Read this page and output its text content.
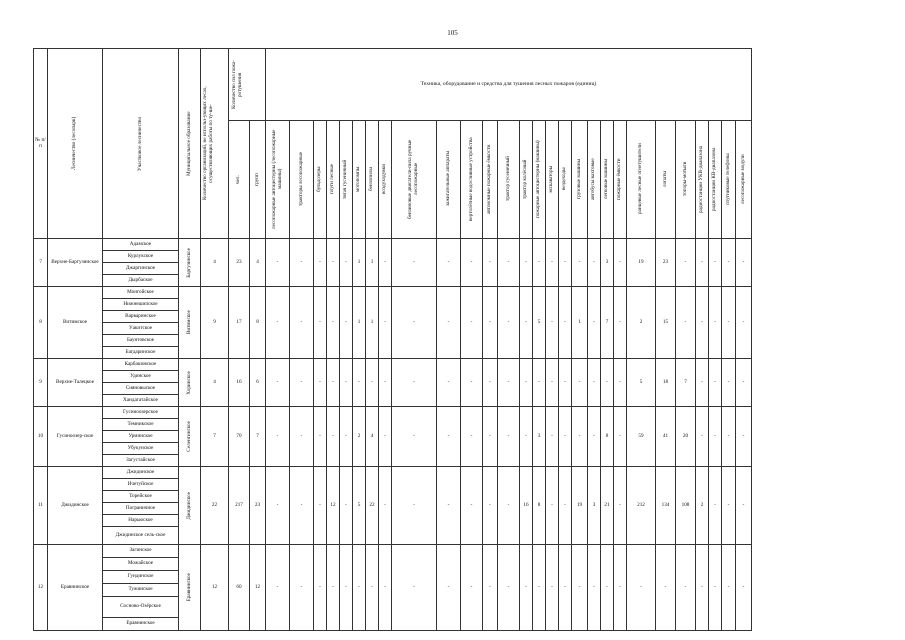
105
№ п/п	Лесничество (лесопарк)	Участковое лесничество	Муниципальное образование	Количество организаций, не использ-ующих лесах, осуществляющих работы по ту-ше-	Количество сил пожа-ротушения		Техника, оборудование и средства для тушения лесных пожаров (единиц)																											

					чел.	групп	лесопожарные автоцистерны (лесопожарные машины)	тракторы лесопожарные	бульдозеры	плуги лесные	тягач гусеничный	мотопомпы	бензопилы	воздуходувки	бензиновые двигатели-пила ручные лесопожарные	зажигательные аппараты	вертолётные водосливные устройства	автономные пожарные ёмкости	трактор гусеничный	трактор колёсный	пожарные автоцистерны (машины)	экскаваторы	вездеходы	грузовые машины	автобусы вахтовые	легковые машины	пожарные ёмкости	ранцевые лесные огнетушители	лопаты	топоры-мотыги	радиостанции УКВ-диапазона	радиостанции КВ-диапазона	спутниковые телефоны	лесопожарные модули

7	Верхне-Баргузинское	Адамское	Баргузинское	4	23	4	-	-	-	-	-	1	1	-	-	-	-	-	-	-	-	-	-	-	-	3	-	19	23	-	-	-	-	-
		Курлукское																																
		Джаргинское																																
		Дырбаское																																
8	Витимское	Монгойское	Витимское	9	17	8	-	-	-	-	-	1	1	-	-	-	-	-	-	-	5	-	-	1	-	7	-	2	15	-	-	-	-	-
		Нижнешипское																																
		Варваринское																																
		Уакитское																																
		Баунтовское																																
		Багдаринское																																
9	Верхне-Талецкое	Карбашовское	Хоринское	4	16	6	-	-	-	-	-	-	-	-	-	-	-	-	-	-	-	-	-	-	-	-	-	5	18	7	-	-	-	-
		Удинское																																
		Сияновыское																																
		Хандагатайское																																
10	Гусиноозер-ское	Гусиноозерское	Селенгинское	7	70	7	-	-	-	-	-	2	4	-	-	-	-	-	-	-	3	-	-	-	-	8	-	59	41	20	-	-	-	-
		Темникское																																
		Урминское																																
		Убукунское																																
		Загустайское																																
11	Джидинское	Джидинское	Джидинское	22	217	23	-	-	-	12	-	5	22	-	-	-	-	-	-	16	8	-	-	19	3	21	-	212	134	108	2	-	-	-
		Ичетуйское																																
		Торейское																																
		Пограничное																																
		Нарьюское																																
		Джидинское сель-ское																																
12	Еравнинское	Загинское	Еравнинское	12	60	12	-	-	-	-	-	-	-	-	-	-	-	-	-	-	-	-	-	-	-	-	-	-	-	-	-	-	-	-
		Можайское																																
		Гундинское																																
		Тужинское																																
		Сосново-Озёрское																																
		Еравнинское																																
